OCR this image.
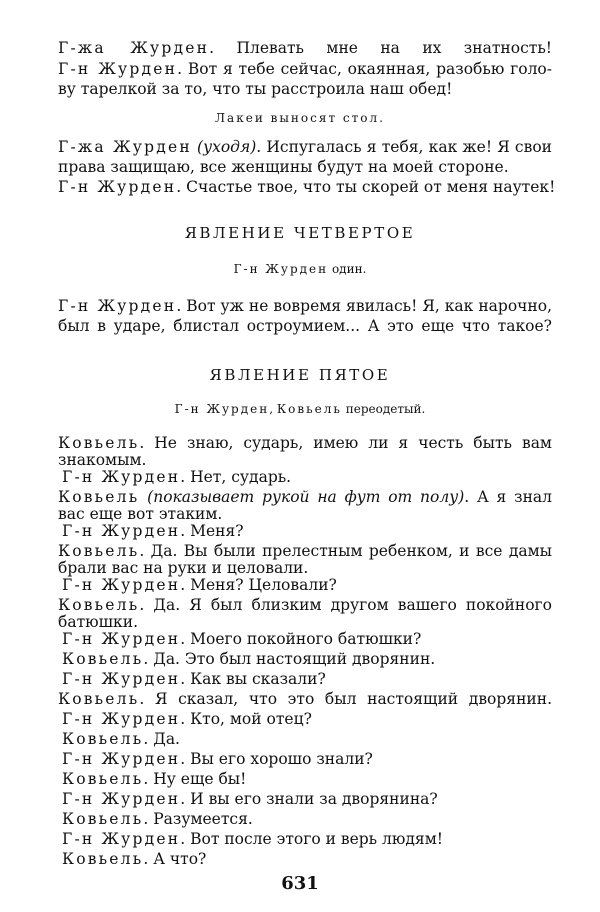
Г-жа Журден. Плевать мне на их знатность!
Г-н Журден. Вот я тебе сейчас, окаянная, разобью голо-
ву тарелкой за то, что ты расстроила наш обед!
Лакеи выносят стол.
Г-жа Журден (уходя). Испугалась я тебя, как же! Я свои
права защищаю, все женщины будут на моей стороне.
Г-н Журден. Счастье твое, что ты скорей от меня наутек!
ЯВЛЕНИЕ ЧЕТВЕРТОЕ
Г-н Журден один.
Г-н Журден. Вот уж не вовремя явилась! Я, как нарочно,
был в ударе, блистал остроумием... А это еще что такое?
ЯВЛЕНИЕ ПЯТОЕ
Г-н Журден, Ковьель переодетый.
Ковьель. Не знаю, сударь, имею ли я честь быть вам
знакомым.
Г-н Журден. Нет, сударь.
Ковьель (показывает рукой на фут от полу). А я знал
вас еще вот этаким.
Г-н Журден. Меня?
Ковьель. Да. Вы были прелестным ребенком, и все дамы
брали вас на руки и целовали.
Г-н Журден. Меня? Целовали?
Ковьель. Да. Я был близким другом вашего покойного
батюшки.
Г-н Журден. Моего покойного батюшки?
Ковьель. Да. Это был настоящий дворянин.
Г-н Журден. Как вы сказали?
Ковьель. Я сказал, что это был настоящий дворянин.
Г-н Журден. Кто, мой отец?
Ковьель. Да.
Г-н Журден. Вы его хорошо знали?
Ковьель. Ну еще бы!
Г-н Журден. И вы его знали за дворянина?
Ковьель. Разумеется.
Г-н Журден. Вот после этого и верь людям!
Ковьель. А что?
631
